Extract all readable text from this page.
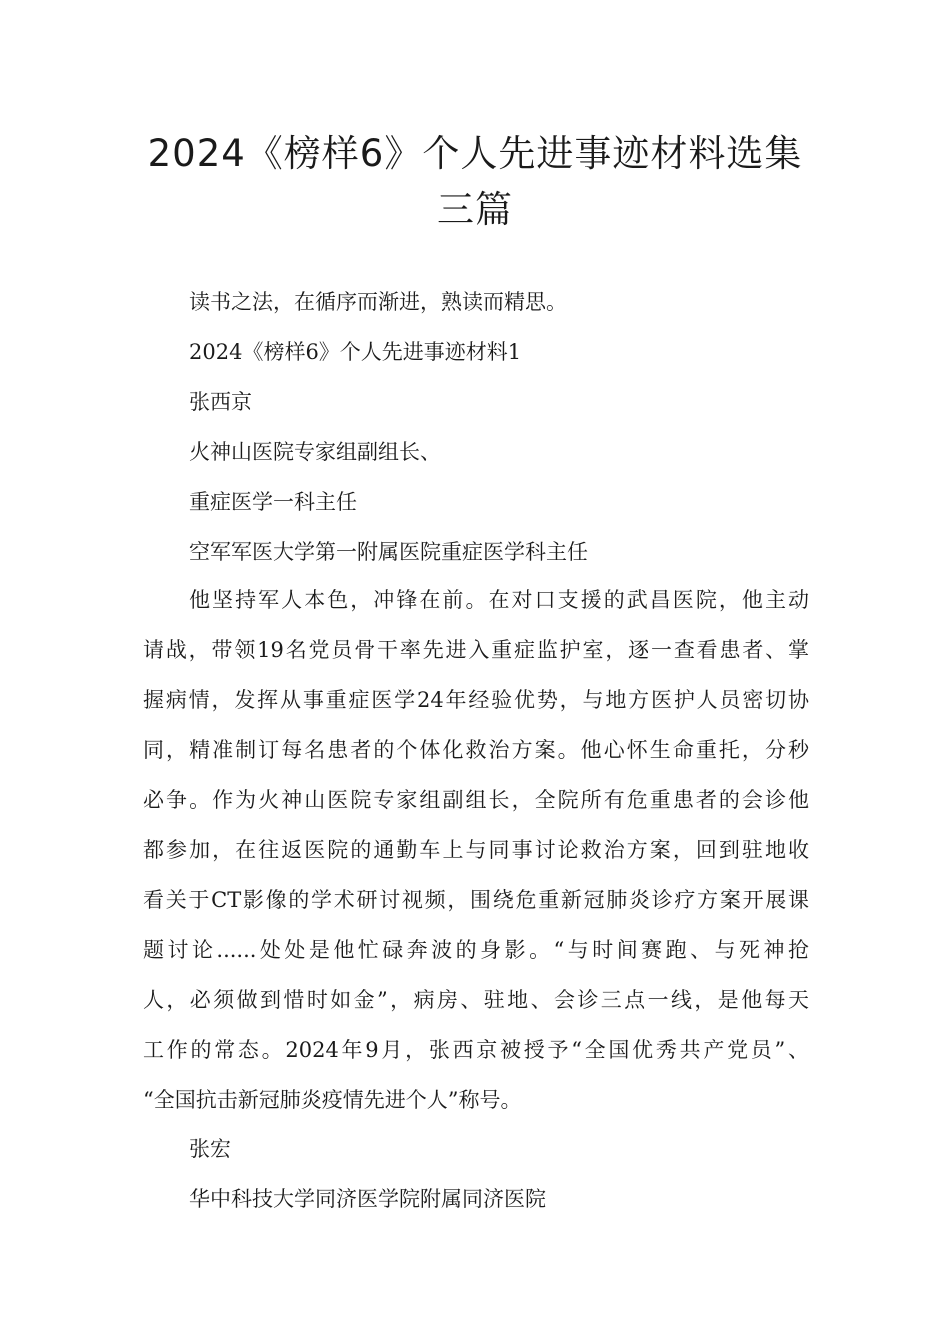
2024《榜样6》个人先进事迹材料选集
三篇

读书之法，在循序而渐进，熟读而精思。

2024《榜样6》个人先进事迹材料1

张西京

火神山医院专家组副组长、

重症医学一科主任

空军军医大学第一附属医院重症医学科主任

他坚持军人本色，冲锋在前。在对口支援的武昌医院，他主动
请战，带领19名党员骨干率先进入重症监护室，逐一查看患者、掌
握病情，发挥从事重症医学24年经验优势，与地方医护人员密切协
同，精准制订每名患者的个体化救治方案。他心怀生命重托，分秒
必争。作为火神山医院专家组副组长，全院所有危重患者的会诊他
都参加，在往返医院的通勤车上与同事讨论救治方案，回到驻地收
看关于CT影像的学术研讨视频，围绕危重新冠肺炎诊疗方案开展课
题讨论......处处是他忙碌奔波的身影。“与时间赛跑、与死神抢
人，必须做到惜时如金”，病房、驻地、会诊三点一线，是他每天
工作的常态。2024年9月，张西京被授予“全国优秀共产党员”、
“全国抗击新冠肺炎疫情先进个人”称号。

张宏

华中科技大学同济医学院附属同济医院
